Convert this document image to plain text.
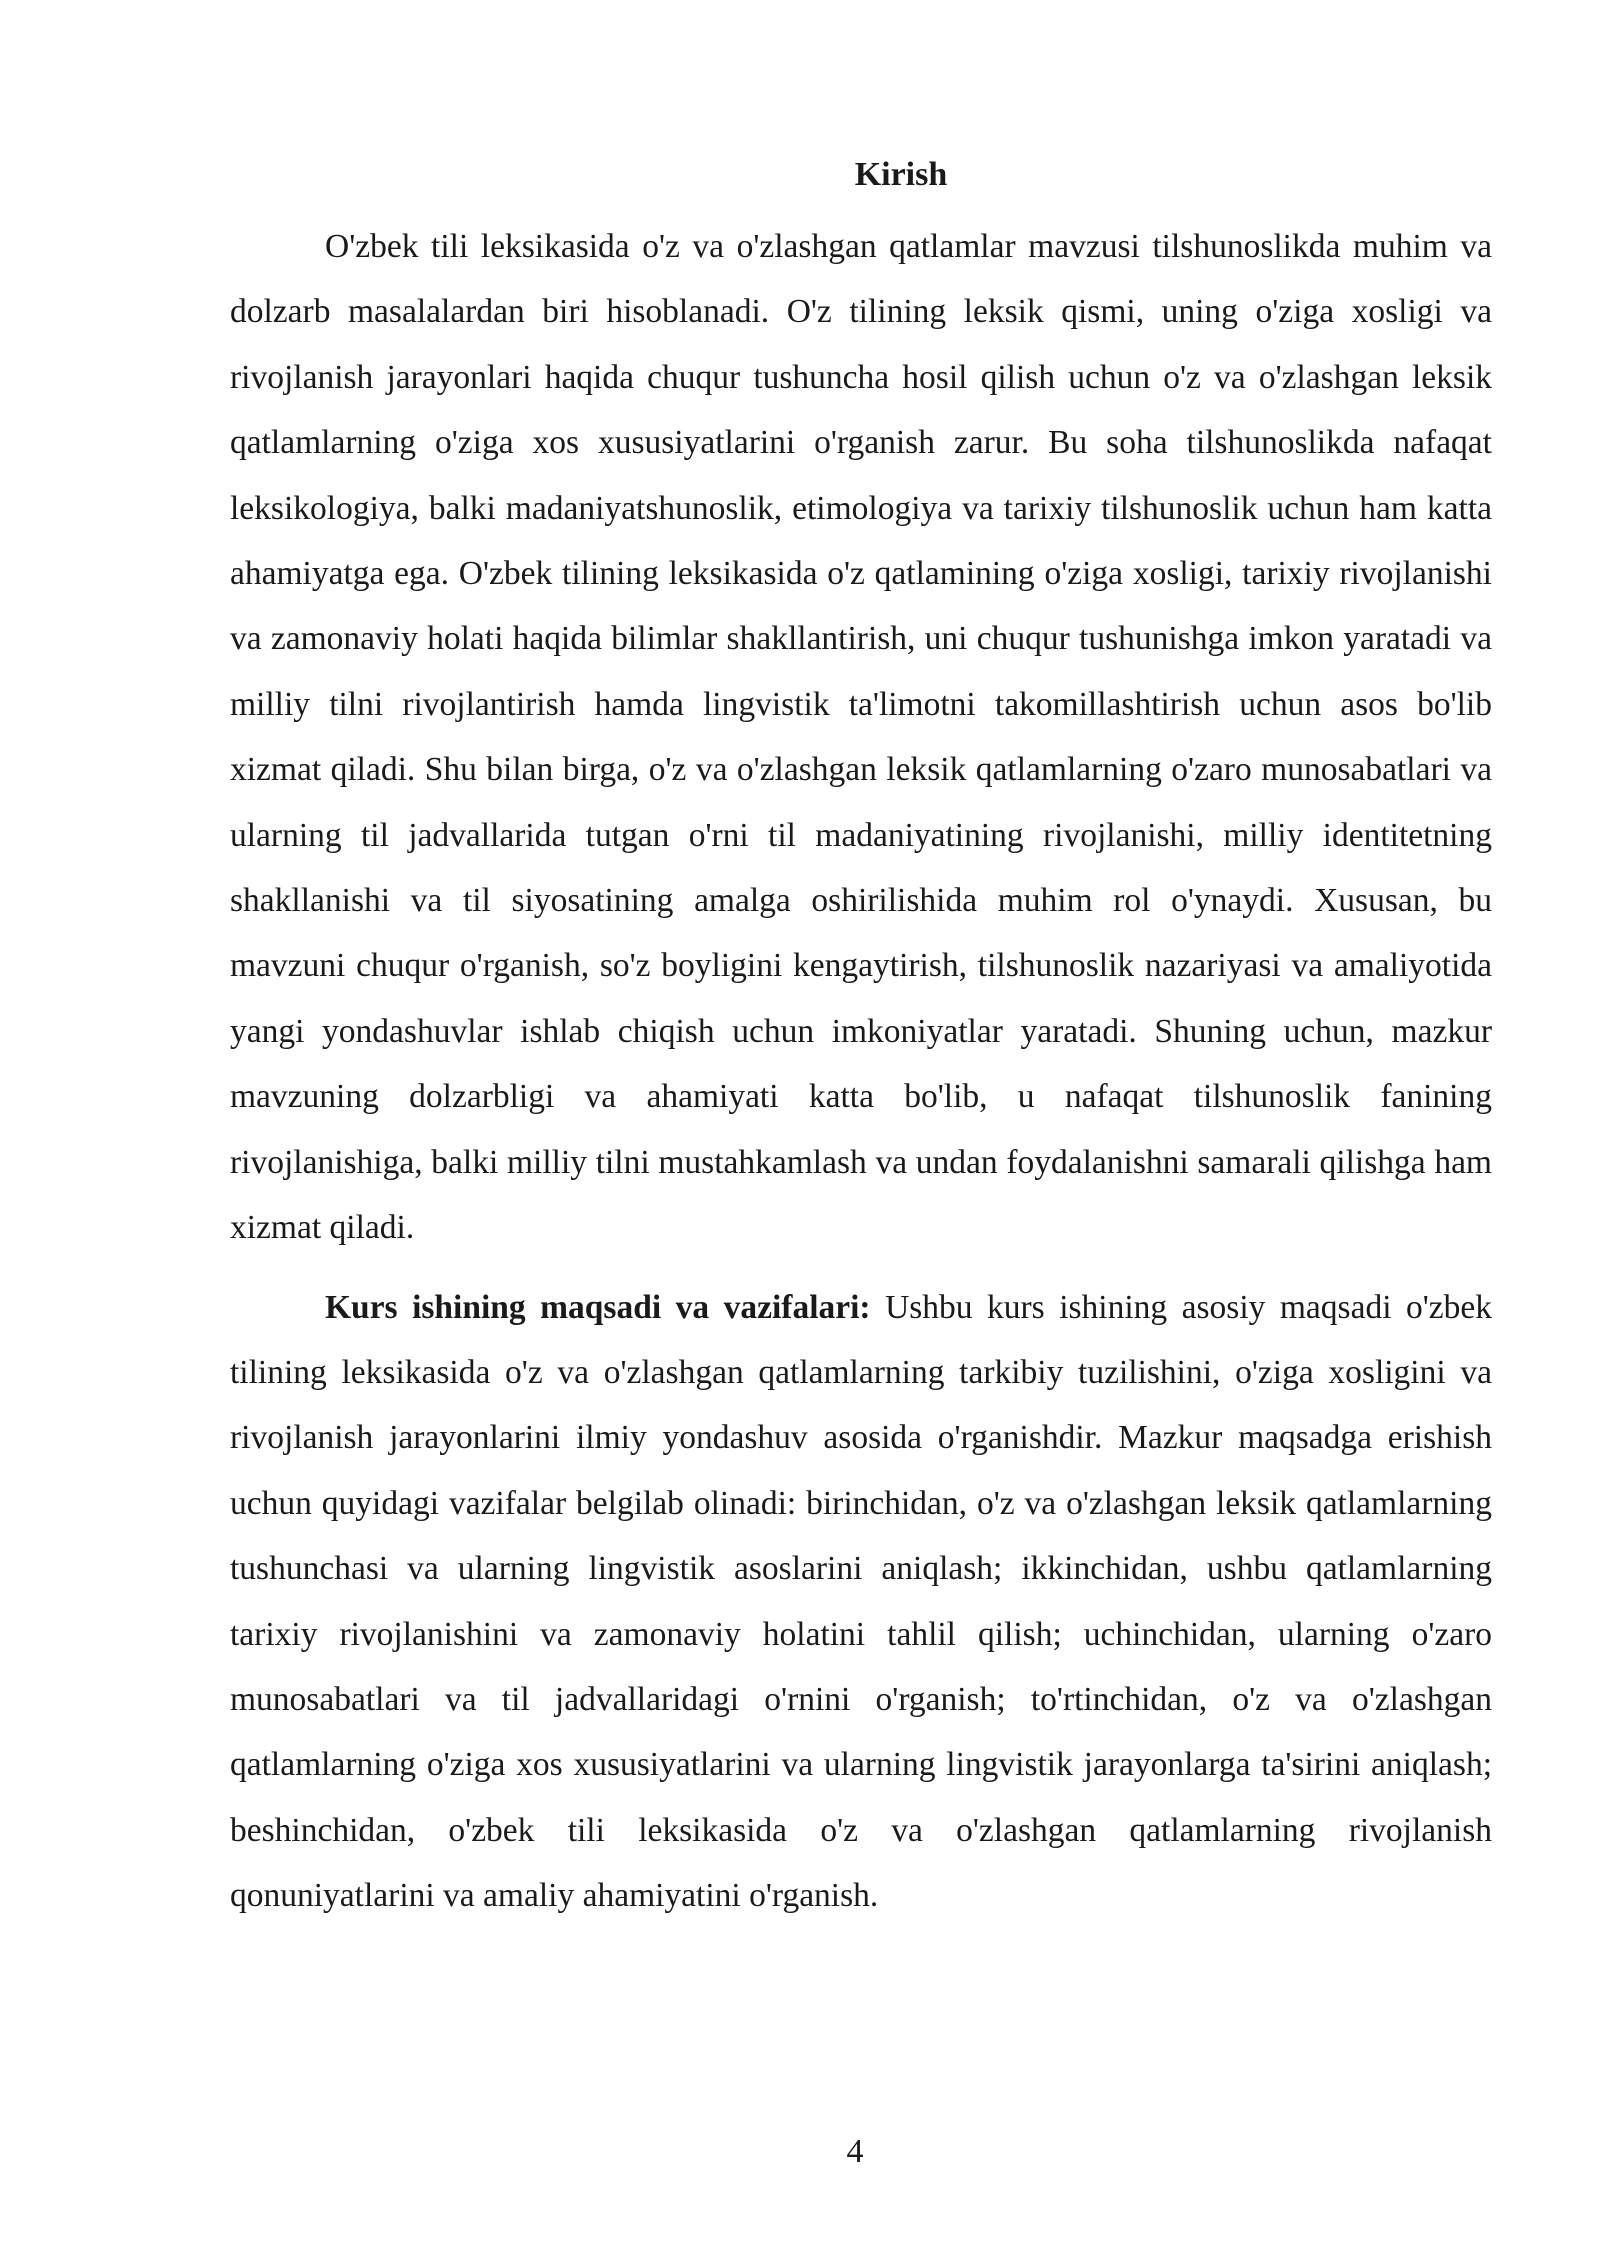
Kirish

O'zbek tili leksikasida o'z va o'zlashgan qatlamlar mavzusi tilshunoslikda muhim va dolzarb masalalardan biri hisoblanadi. O'z tilining leksik qismi, uning o'ziga xosligi va rivojlanish jarayonlari haqida chuqur tushuncha hosil qilish uchun o'z va o'zlashgan leksik qatlamlarning o'ziga xos xususiyatlarini o'rganish zarur. Bu soha tilshunoslikda nafaqat leksikologiya, balki madaniyatshunoslik, etimologiya va tarixiy tilshunoslik uchun ham katta ahamiyatga ega. O'zbek tilining leksikasida o'z qatlamining o'ziga xosligi, tarixiy rivojlanishi va zamonaviy holati haqida bilimlar shakllantirish, uni chuqur tushunishga imkon yaratadi va milliy tilni rivojlantirish hamda lingvistik ta'limotni takomillashtirish uchun asos bo'lib xizmat qiladi. Shu bilan birga, o'z va o'zlashgan leksik qatlamlarning o'zaro munosabatlari va ularning til jadvallarida tutgan o'rni til madaniyatining rivojlanishi, milliy identitetning shakllanishi va til siyosatining amalga oshirilishida muhim rol o'ynaydi. Xususan, bu mavzuni chuqur o'rganish, so'z boyligini kengaytirish, tilshunoslik nazariyasi va amaliyotida yangi yondashuvlar ishlab chiqish uchun imkoniyatlar yaratadi. Shuning uchun, mazkur mavzuning dolzarbligi va ahamiyati katta bo'lib, u nafaqat tilshunoslik fanining rivojlanishiga, balki milliy tilni mustahkamlash va undan foydalanishni samarali qilishga ham xizmat qiladi.

Kurs ishining maqsadi va vazifalari: Ushbu kurs ishining asosiy maqsadi o'zbek tilining leksikasida o'z va o'zlashgan qatlamlarning tarkibiy tuzilishini, o'ziga xosligini va rivojlanish jarayonlarini ilmiy yondashuv asosida o'rganishdir. Mazkur maqsadga erishish uchun quyidagi vazifalar belgilab olinadi: birinchidan, o'z va o'zlashgan leksik qatlamlarning tushunchasi va ularning lingvistik asoslarini aniqlash; ikkinchidan, ushbu qatlamlarning tarixiy rivojlanishini va zamonaviy holatini tahlil qilish; uchinchidan, ularning o'zaro munosabatlari va til jadvallaridagi o'rnini o'rganish; to'rtinchidan, o'z va o'zlashgan qatlamlarning o'ziga xos xususiyatlarini va ularning lingvistik jarayonlarga ta'sirini aniqlash; beshinchidan, o'zbek tili leksikasida o'z va o'zlashgan qatlamlarning rivojlanish qonuniyatlarini va amaliy ahamiyatini o'rganish.

4
